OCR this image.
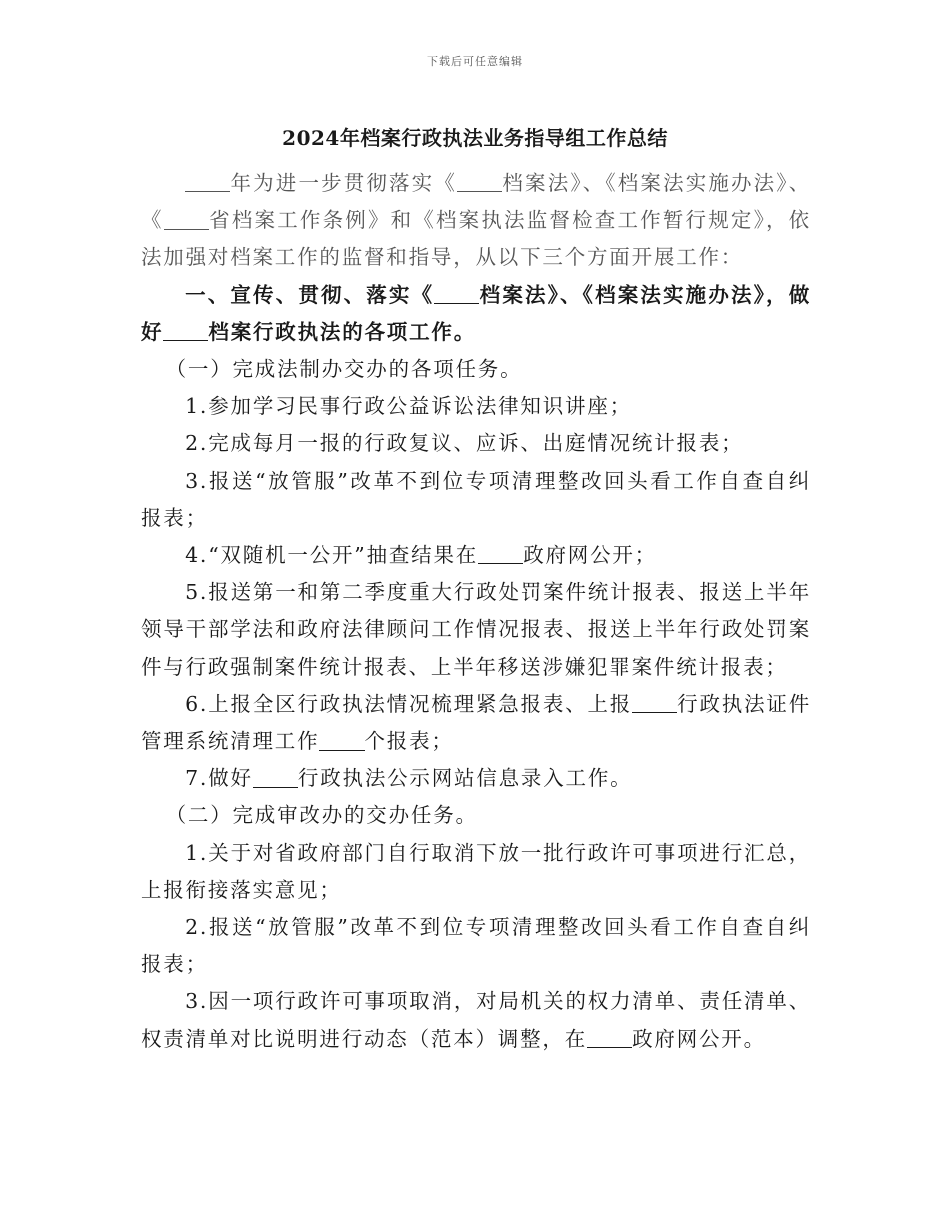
下载后可任意编辑
2024年档案行政执法业务指导组工作总结

年为进一步贯彻落实《 档案法》、《档案法实施办法》、《 省档案工作条例》和《档案执法监督检查工作暂行规定》，依法加强对档案工作的监督和指导，从以下三个方面开展工作：

一、宣传、贯彻、落实《 档案法》、《档案法实施办法》，做好 档案行政执法的各项工作。

（一）完成法制办交办的各项任务。

1.参加学习民事行政公益诉讼法律知识讲座；

2.完成每月一报的行政复议、应诉、出庭情况统计报表；

3.报送“放管服”改革不到位专项清理整改回头看工作自查自纠报表；

4.“双随机一公开”抽查结果在 政府网公开；

5.报送第一和第二季度重大行政处罚案件统计报表、报送上半年领导干部学法和政府法律顾问工作情况报表、报送上半年行政处罚案件与行政强制案件统计报表、上半年移送涉嫌犯罪案件统计报表；

6.上报全区行政执法情况梳理紧急报表、上报 行政执法证件管理系统清理工作 个报表；

7.做好 行政执法公示网站信息录入工作。

（二）完成审改办的交办任务。

1.关于对省政府部门自行取消下放一批行政许可事项进行汇总，上报衔接落实意见；

2.报送“放管服”改革不到位专项清理整改回头看工作自查自纠报表；

3.因一项行政许可事项取消，对局机关的权力清单、责任清单、权责清单对比说明进行动态（范本）调整，在 政府网公开。
